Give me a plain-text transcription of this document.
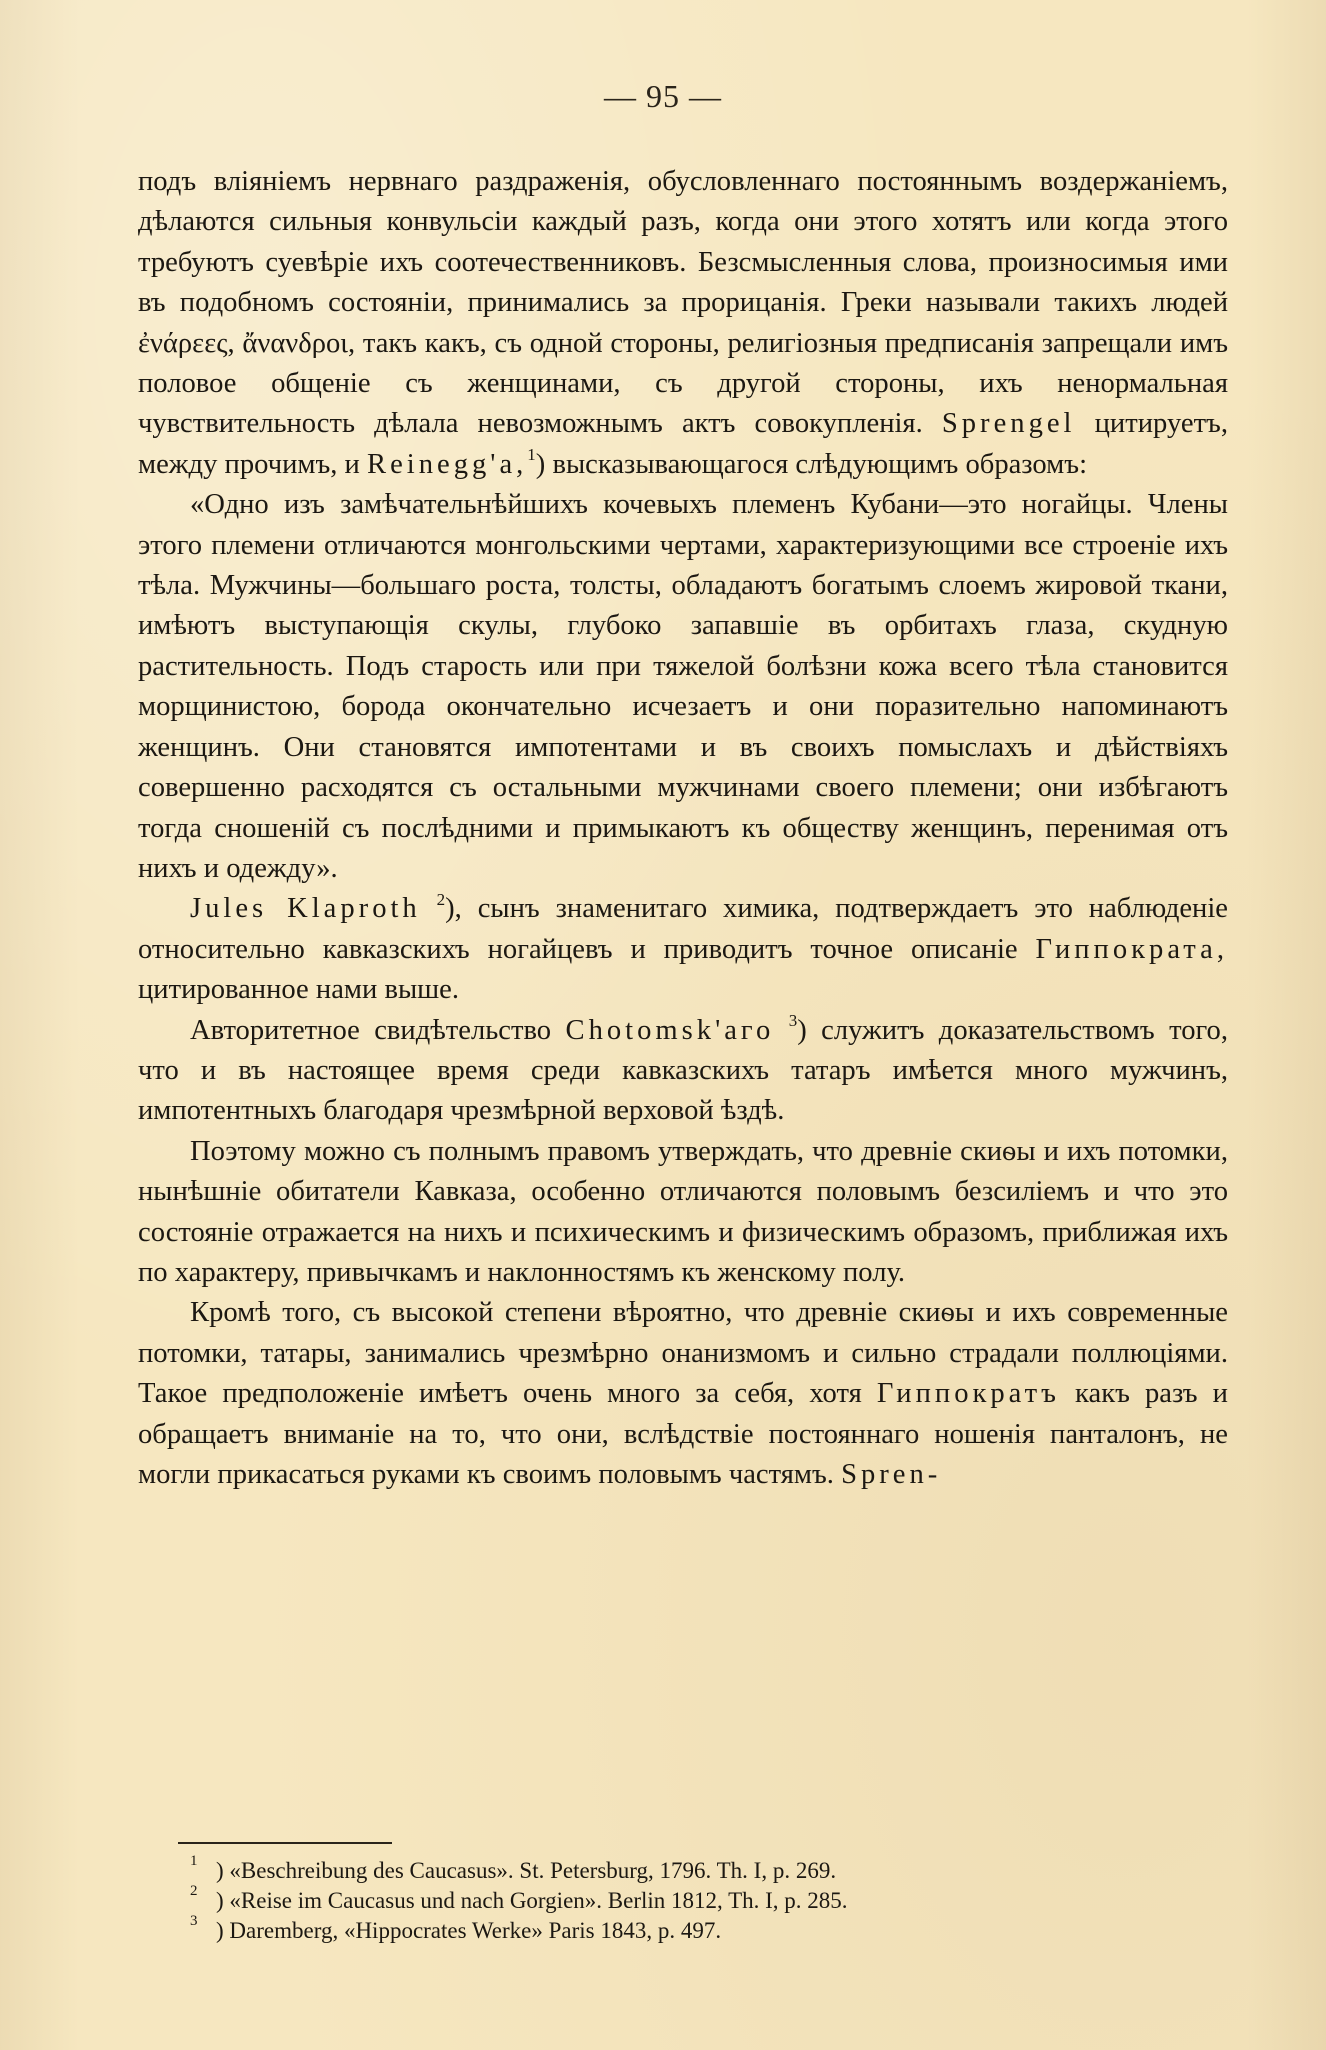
— 95 —

подъ вліяніемъ нервнаго раздраженія, обусловленнаго постояннымъ воздержаніемъ, дѣлаются сильныя конвульсіи каждый разъ, когда они этого хотятъ или когда этого требуютъ суевѣріе ихъ соотечественниковъ. Безсмысленныя слова, произносимыя ими въ подобномъ состояніи, принимались за прорицанія. Греки называли такихъ людей ἐνάρεες, ἄνανδροι, такъ какъ, съ одной стороны, религіозныя предписанія запрещали имъ половое общеніе съ женщинами, съ другой стороны, ихъ ненормальная чувствительность дѣлала невозможнымъ актъ совокупленія. Sprengel цитируетъ, между прочимъ, и Reinegg'a,$^1$) высказывающагося слѣдующимъ образомъ:

«Одно изъ замѣчательнѣйшихъ кочевыхъ племенъ Кубани—это ногайцы. Члены этого племени отличаются монгольскими чертами, характеризующими все строеніе ихъ тѣла. Мужчины—большаго роста, толсты, обладаютъ богатымъ слоемъ жировой ткани, имѣютъ выступающія скулы, глубоко запавшіе въ орбитахъ глаза, скудную растительность. Подъ старость или при тяжелой болѣзни кожа всего тѣла становится морщинистою, борода окончательно исчезаетъ и они поразительно напоминаютъ женщинъ. Они становятся импотентами и въ своихъ помыслахъ и дѣйствіяхъ совершенно расходятся съ остальными мужчинами своего племени; они избѣгаютъ тогда сношеній съ послѣдними и примыкаютъ къ обществу женщинъ, перенимая отъ нихъ и одежду».

Jules Klaproth $^2$), сынъ знаменитаго химика, подтверждаетъ это наблюденіе относительно кавказскихъ ногайцевъ и приводитъ точное описаніе Гиппократа, цитированное нами выше.

Авторитетное свидѣтельство Chotomsk'аго $^3$) служитъ доказательствомъ того, что и въ настоящее время среди кавказскихъ татаръ имѣется много мужчинъ, импотентныхъ благодаря чрезмѣрной верховой ѣздѣ.

Поэтому можно съ полнымъ правомъ утверждать, что древніе скиѳы и ихъ потомки, нынѣшніе обитатели Кавказа, особенно отличаются половымъ безсиліемъ и что это состояніе отражается на нихъ и психическимъ и физическимъ образомъ, приближая ихъ по характеру, привычкамъ и наклонностямъ къ женскому полу.

Кромѣ того, съ высокой степени вѣроятно, что древніе скиѳы и ихъ современные потомки, татары, занимались чрезмѣрно онанизмомъ и сильно страдали поллюціями. Такое предположеніе имѣетъ очень много за себя, хотя Гиппократъ какъ разъ и обращаетъ вниманіе на то, что они, вслѣдствіе постояннаго ношенія панталонъ, не могли прикасаться руками къ своимъ половымъ частямъ. Spren-

$^1$ ) «Beschreibung des Caucasus». St. Petersburg, 1796. Th. I, p. 269.
$^2$ ) «Reise im Caucasus und nach Gorgien». Berlin 1812, Th. I, p. 285.
$^3$ ) Daremberg, «Hippocrates Werke» Paris 1843, p. 497.
